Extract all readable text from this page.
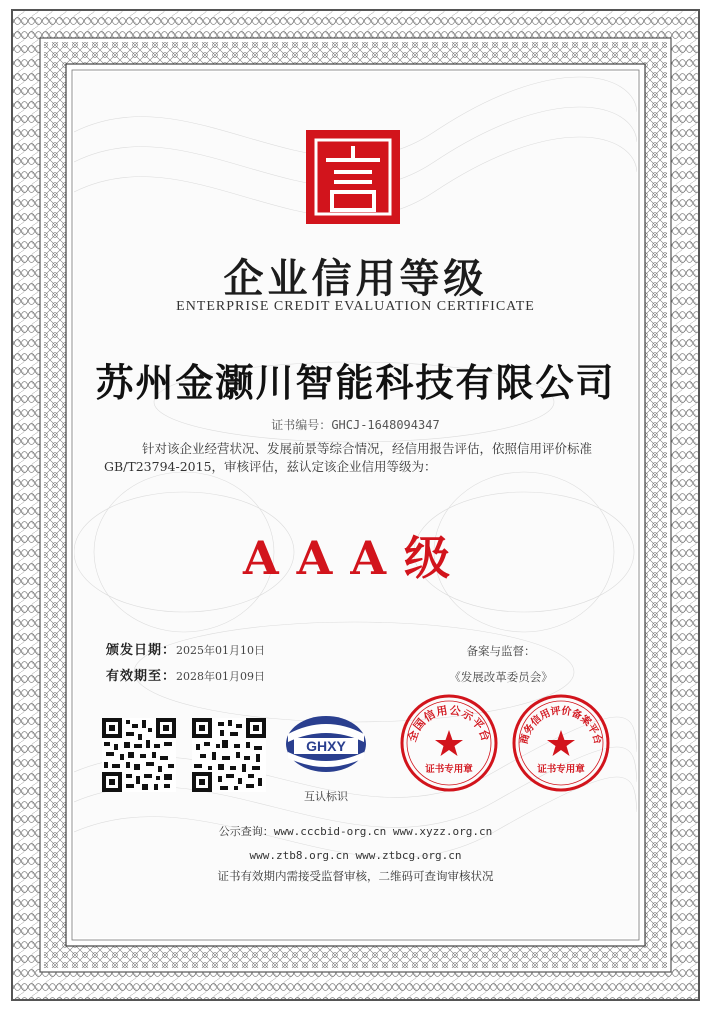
企业信用等级
ENTERPRISE CREDIT EVALUATION CERTIFICATE
苏州金灏川智能科技有限公司
证书编号：GHCJ-1648094347
针对该企业经营状况、发展前景等综合情况，经信用报告评估，依照信用评价标准GB/T23794-2015，审核评估，兹认定该企业信用等级为：
AAA级
颁发日期：2025年01月10日
有效期至：2028年01月09日
备案与监督：
《发展改革委员会》
GHXY
互认标识
全国信用公示平台
证书专用章
商务信用评价备案平台
证书专用章
公示查询：www.cccbid-org.cn www.xyzz.org.cn
www.ztb8.org.cn www.ztbcg.org.cn
证书有效期内需接受监督审核，二维码可查询审核状况
